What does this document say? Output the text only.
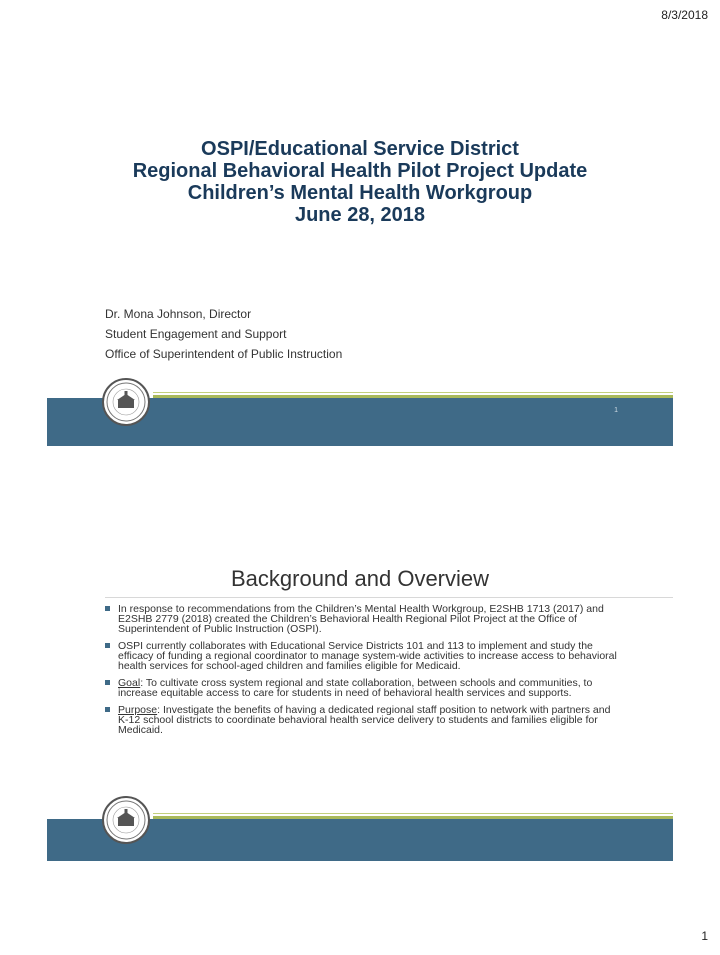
8/3/2018
OSPI/Educational Service District
Regional Behavioral Health Pilot Project Update
Children’s Mental Health Workgroup
June 28, 2018
Dr. Mona Johnson, Director
Student Engagement and Support
Office of Superintendent of Public Instruction
1
Background and Overview
In response to recommendations from the Children’s Mental Health Workgroup, E2SHB 1713 (2017) and E2SHB 2779 (2018) created the Children’s Behavioral Health Regional Pilot Project at the Office of Superintendent of Public Instruction (OSPI).
OSPI currently collaborates with Educational Service Districts 101 and 113 to implement and study the efficacy of funding a regional coordinator to manage system-wide activities to increase access to behavioral health services for school-aged children and families eligible for Medicaid.
Goal: To cultivate cross system regional and state collaboration, between schools and communities, to increase equitable access to care for students in need of behavioral health services and supports.
Purpose: Investigate the benefits of having a dedicated regional staff position to network with partners and K-12 school districts to coordinate behavioral health service delivery to students and families eligible for Medicaid.
1
